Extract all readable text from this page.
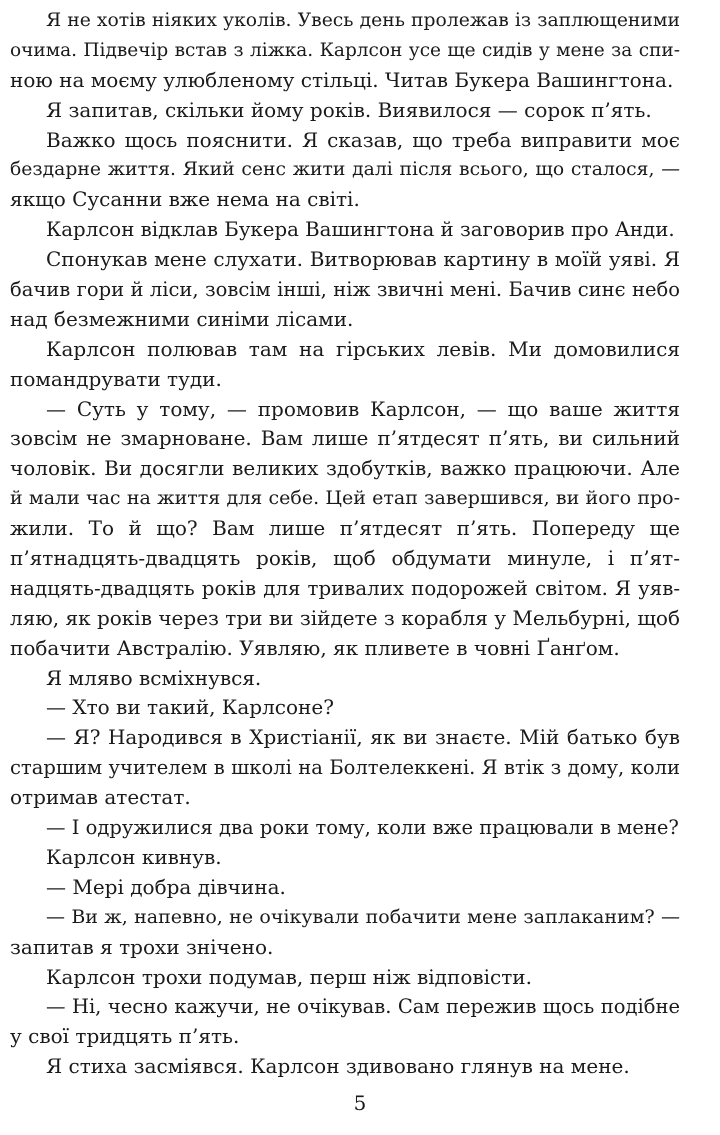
Я не хотів ніяких уколів. Увесь день пролежав із заплющеними
очима. Підвечір встав з ліжка. Карлсон усе ще сидів у мене за спи-
ною на моєму улюбленому стільці. Читав Букера Вашингтона.

Я запитав, скільки йому років. Виявилося — сорок п’ять.

Важко щось пояснити. Я сказав, що треба виправити моє
бездарне життя. Який сенс жити далі після всього, що сталося, —
якщо Сусанни вже нема на світі.

Карлсон відклав Букера Вашингтона й заговорив про Анди.

Спонукав мене слухати. Витворював картину в моїй уяві. Я
бачив гори й ліси, зовсім інші, ніж звичні мені. Бачив синє небо
над безмежними синіми лісами.

Карлсон полював там на гірських левів. Ми домовилися
помандрувати туди.

— Суть у тому, — промовив Карлсон, — що ваше життя
зовсім не змарноване. Вам лише п’ятдесят п’ять, ви сильний
чоловік. Ви досягли великих здобутків, важко працюючи. Але
й мали час на життя для себе. Цей етап завершився, ви його про-
жили. То й що? Вам лише п’ятдесят п’ять. Попереду ще
п’ятнадцять-двадцять років, щоб обдумати минуле, і п’ят-
надцять-двадцять років для тривалих подорожей світом. Я уяв-
ляю, як років через три ви зійдете з корабля у Мельбурні, щоб
побачити Австралію. Уявляю, як пливете в човні Ґанґом.

Я мляво всміхнувся.

— Хто ви такий, Карлсоне?

— Я? Народився в Христіанії, як ви знаєте. Мій батько був
старшим учителем в школі на Болтелеккені. Я втік з дому, коли
отримав атестат.

— І одружилися два роки тому, коли вже працювали в мене?

Карлсон кивнув.

— Мері добра дівчина.

— Ви ж, напевно, не очікували побачити мене заплаканим? —
запитав я трохи знічено.

Карлсон трохи подумав, перш ніж відповісти.

— Ні, чесно кажучи, не очікував. Сам пережив щось подібне
у свої тридцять п’ять.

Я стиха засміявся. Карлсон здивовано глянув на мене.

5
